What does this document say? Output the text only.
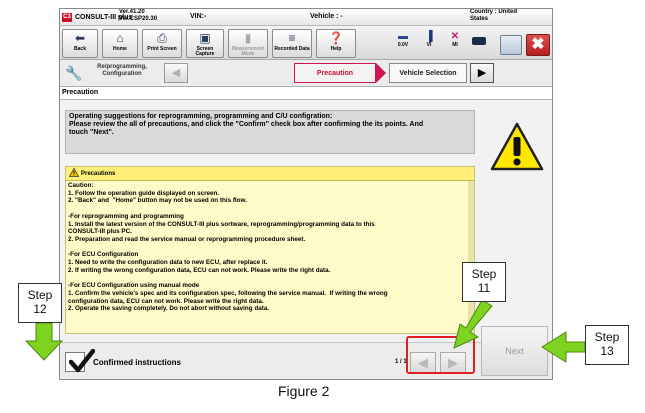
C3 CONSULT-III plus
Ver.41.20
Ver.CSP20.30	VIN:-	Vehicle : -
Country : United
States
⬅
Back
⌂
Home
⎙
Print Screen
▣
Screen Capture
▮
Measurement Mode
≡
Recorded Data
❓
Help
▬
0.0V
▐
VI
✕
MI	✖
🔧	Re/programming,
Configuration	◀	Precaution	Vehicle Selection	▶
Precaution
Operating suggestions for reprogramming, programming and C/U configration:
Please review the all of precautions, and click the "Confirm" check box after confirming the its points. And
touch "Next".
Precautions
Caution:
1. Follow the operation guide displayed on screen.
2. "Back" and  "Home" button may not be used on this flow.
-For reprogramming and programming
1. Install the latest version of the CONSULT-III plus sortware, reprogramming/programming data to this
CONSULT-III plus PC.
2. Preparation and read the service manual or reprogramming procedure sheet.
-For ECU Configuration
1. Need to write the configuration data to new ECU, after replace it.
2. If writing the wrong configuration data, ECU can not work. Please write the right data.
-For ECU Configuration using manual mode
1. Confirm the vehicle's spec and its configuration spec, following the service manual.  If writing the wrong
configuration data, ECU can not work. Please write the right data.
2. Operate the saving completely. Do not abort without saving data.
Confirmed instructions	1 / 1 ◀	▶
Next
Step
12
Step
11
Step
13
Figure 2
